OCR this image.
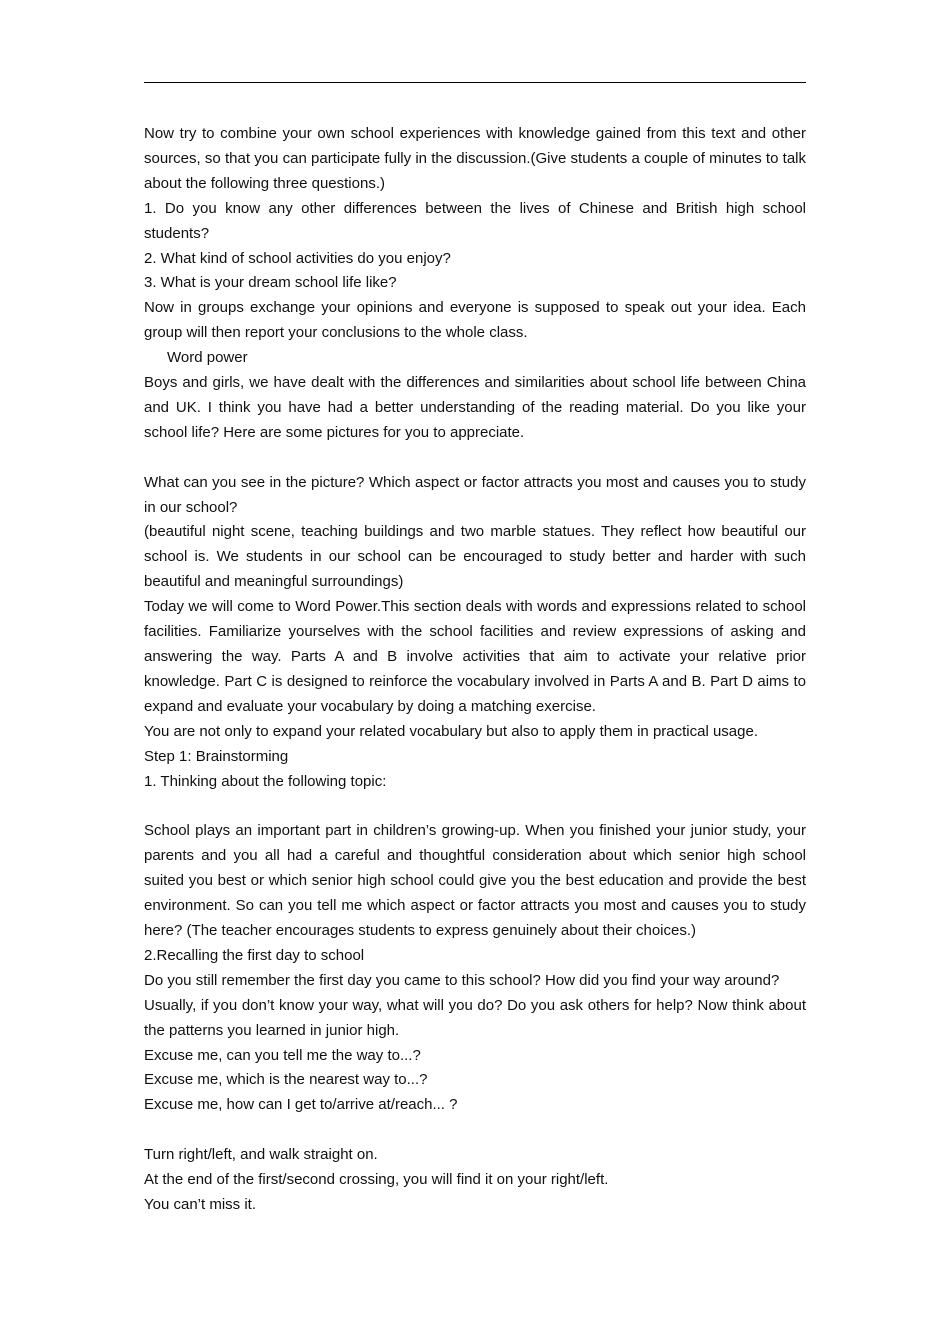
Now try to combine your own school experiences with knowledge gained from this text and other sources, so that you can participate fully in the discussion.(Give students a couple of minutes to talk about the following three questions.)

1. Do you know any other differences between the lives of Chinese and British high school students?

2. What kind of school activities do you enjoy?

3. What is your dream school life like?

Now in groups exchange your opinions and everyone is supposed to speak out your idea. Each group will then report your conclusions to the whole class.

Word power

Boys and girls, we have dealt with the differences and similarities about school life between China and UK. I think you have had a better understanding of the reading material. Do you like your school life? Here are some pictures for you to appreciate.

What can you see in the picture? Which aspect or factor attracts you most and causes you to study in our school?

(beautiful night scene, teaching buildings and two marble statues. They reflect how beautiful our school is. We students in our school can be encouraged to study better and harder with such beautiful and meaningful surroundings)

Today we will come to Word Power.This section deals with words and expressions related to school facilities. Familiarize yourselves with the school facilities and review expressions of asking and answering the way. Parts A and B involve activities that aim to activate your relative prior knowledge. Part C is designed to reinforce the vocabulary involved in Parts A and B. Part D aims to expand and evaluate your vocabulary by doing a matching exercise.

You are not only to expand your related vocabulary but also to apply them in practical usage.

Step 1: Brainstorming

1. Thinking about the following topic:

School plays an important part in children’s growing-up. When you finished your junior study, your parents and you all had a careful and thoughtful consideration about which senior high school suited you best or which senior high school could give you the best education and provide the best environment. So can you tell me which aspect or factor attracts you most and causes you to study here? (The teacher encourages students to express genuinely about their choices.)

2.Recalling the first day to school

Do you still remember the first day you came to this school? How did you find your way around?

Usually, if you don’t know your way, what will you do? Do you ask others for help? Now think about the patterns you learned in junior high.

Excuse me, can you tell me the way to...?

Excuse me, which is the nearest way to...?

Excuse me, how can I get to/arrive at/reach... ?

Turn right/left, and walk straight on.

At the end of the first/second crossing, you will find it on your right/left.

You can’t miss it.
